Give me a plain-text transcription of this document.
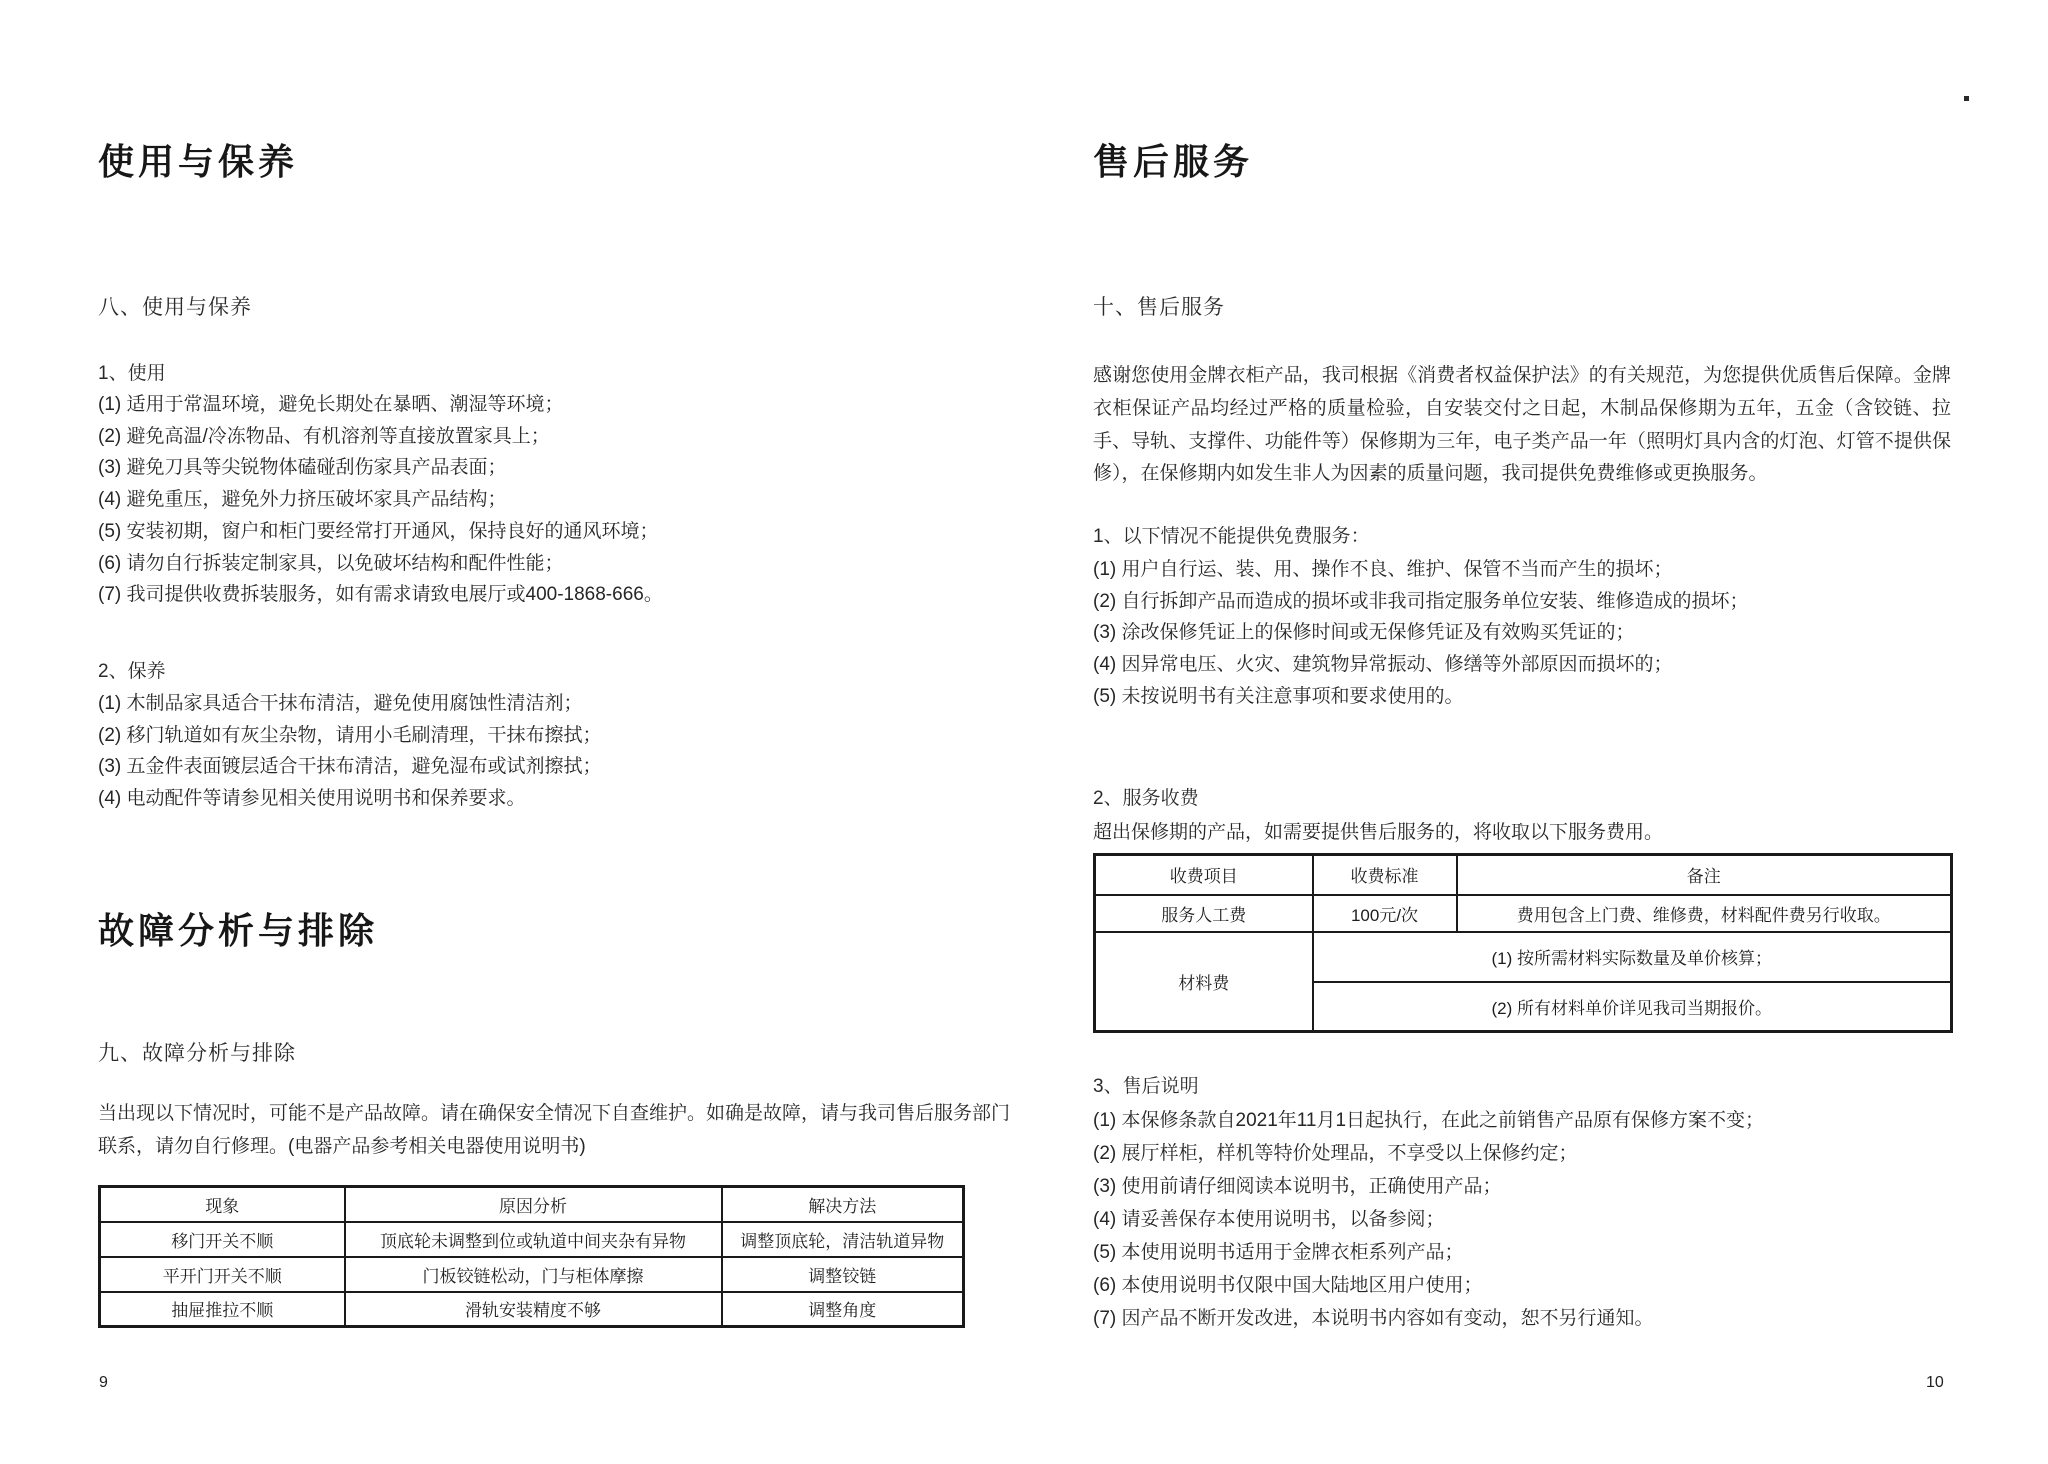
使用与保养
八、使用与保养
1、使用
(1) 适用于常温环境，避免长期处在暴晒、潮湿等环境；
(2) 避免高温/冷冻物品、有机溶剂等直接放置家具上；
(3) 避免刀具等尖锐物体磕碰刮伤家具产品表面；
(4) 避免重压，避免外力挤压破坏家具产品结构；
(5) 安装初期，窗户和柜门要经常打开通风，保持良好的通风环境；
(6) 请勿自行拆装定制家具，以免破坏结构和配件性能；
(7) 我司提供收费拆装服务，如有需求请致电展厅或400-1868-666。
2、保养
(1) 木制品家具适合干抹布清洁，避免使用腐蚀性清洁剂；
(2) 移门轨道如有灰尘杂物，请用小毛刷清理，干抹布擦拭；
(3) 五金件表面镀层适合干抹布清洁，避免湿布或试剂擦拭；
(4) 电动配件等请参见相关使用说明书和保养要求。
故障分析与排除
九、故障分析与排除
当出现以下情况时，可能不是产品故障。请在确保安全情况下自查维护。如确是故障，请与我司售后服务部门联系，请勿自行修理。(电器产品参考相关电器使用说明书)
现象	原因分析	解决方法
移门开关不顺	顶底轮未调整到位或轨道中间夹杂有异物	调整顶底轮，清洁轨道异物
平开门开关不顺	门板铰链松动，门与柜体摩擦	调整铰链
抽屉推拉不顺	滑轨安装精度不够	调整角度
9
售后服务
十、售后服务
感谢您使用金牌衣柜产品，我司根据《消费者权益保护法》的有关规范，为您提供优质售后保障。金牌衣柜保证产品均经过严格的质量检验，自安装交付之日起，木制品保修期为五年，五金（含铰链、拉手、导轨、支撑件、功能件等）保修期为三年，电子类产品一年（照明灯具内含的灯泡、灯管不提供保修），在保修期内如发生非人为因素的质量问题，我司提供免费维修或更换服务。
1、以下情况不能提供免费服务：
(1) 用户自行运、装、用、操作不良、维护、保管不当而产生的损坏；
(2) 自行拆卸产品而造成的损坏或非我司指定服务单位安装、维修造成的损坏；
(3) 涂改保修凭证上的保修时间或无保修凭证及有效购买凭证的；
(4) 因异常电压、火灾、建筑物异常振动、修缮等外部原因而损坏的；
(5) 未按说明书有关注意事项和要求使用的。
2、服务收费
超出保修期的产品，如需要提供售后服务的，将收取以下服务费用。
收费项目	收费标准	备注
服务人工费	100元/次	费用包含上门费、维修费，材料配件费另行收取。
材料费	(1) 按所需材料实际数量及单价核算；	
	(2) 所有材料单价详见我司当期报价。	
3、售后说明
(1) 本保修条款自2021年11月1日起执行，在此之前销售产品原有保修方案不变；
(2) 展厅样柜，样机等特价处理品，不享受以上保修约定；
(3) 使用前请仔细阅读本说明书，正确使用产品；
(4) 请妥善保存本使用说明书，以备参阅；
(5) 本使用说明书适用于金牌衣柜系列产品；
(6) 本使用说明书仅限中国大陆地区用户使用；
(7) 因产品不断开发改进，本说明书内容如有变动，恕不另行通知。
10
